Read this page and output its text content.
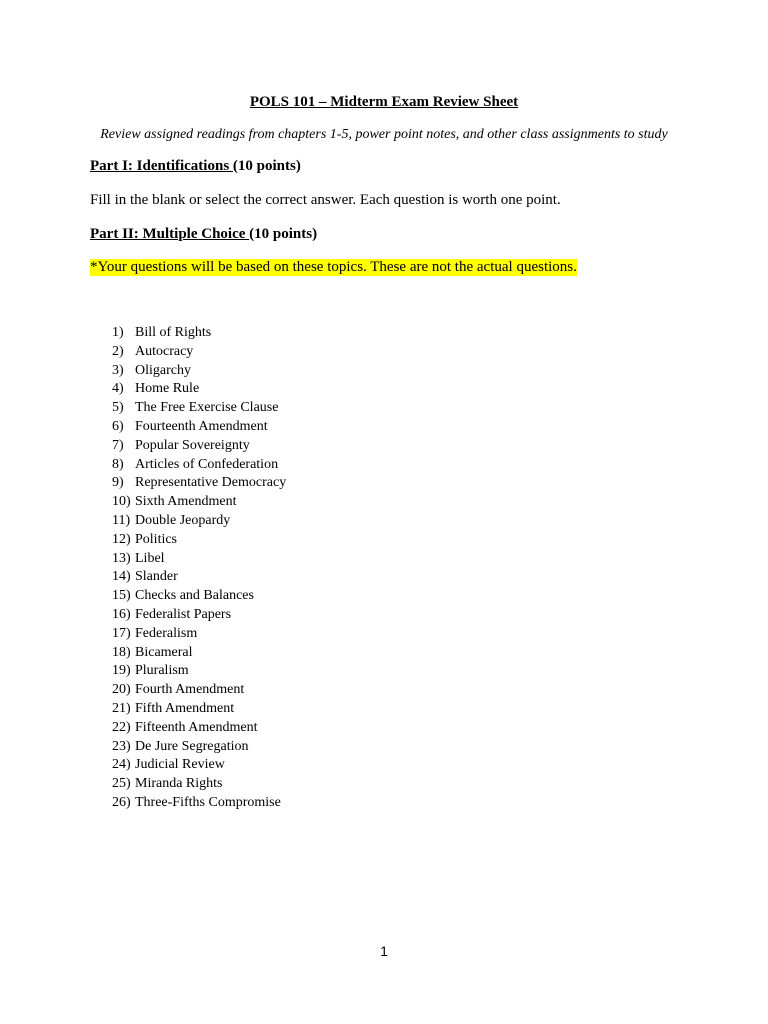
POLS 101 – Midterm Exam Review Sheet
Review assigned readings from chapters 1-5, power point notes, and other class assignments to study
Part I: Identifications (10 points)
Fill in the blank or select the correct answer. Each question is worth one point.
Part II: Multiple Choice (10 points)
*Your questions will be based on these topics. These are not the actual questions.
1) Bill of Rights
2) Autocracy
3) Oligarchy
4) Home Rule
5) The Free Exercise Clause
6) Fourteenth Amendment
7) Popular Sovereignty
8) Articles of Confederation
9) Representative Democracy
10) Sixth Amendment
11) Double Jeopardy
12) Politics
13) Libel
14) Slander
15) Checks and Balances
16) Federalist Papers
17) Federalism
18) Bicameral
19) Pluralism
20) Fourth Amendment
21) Fifth Amendment
22) Fifteenth Amendment
23) De Jure Segregation
24) Judicial Review
25) Miranda Rights
26) Three-Fifths Compromise
1
